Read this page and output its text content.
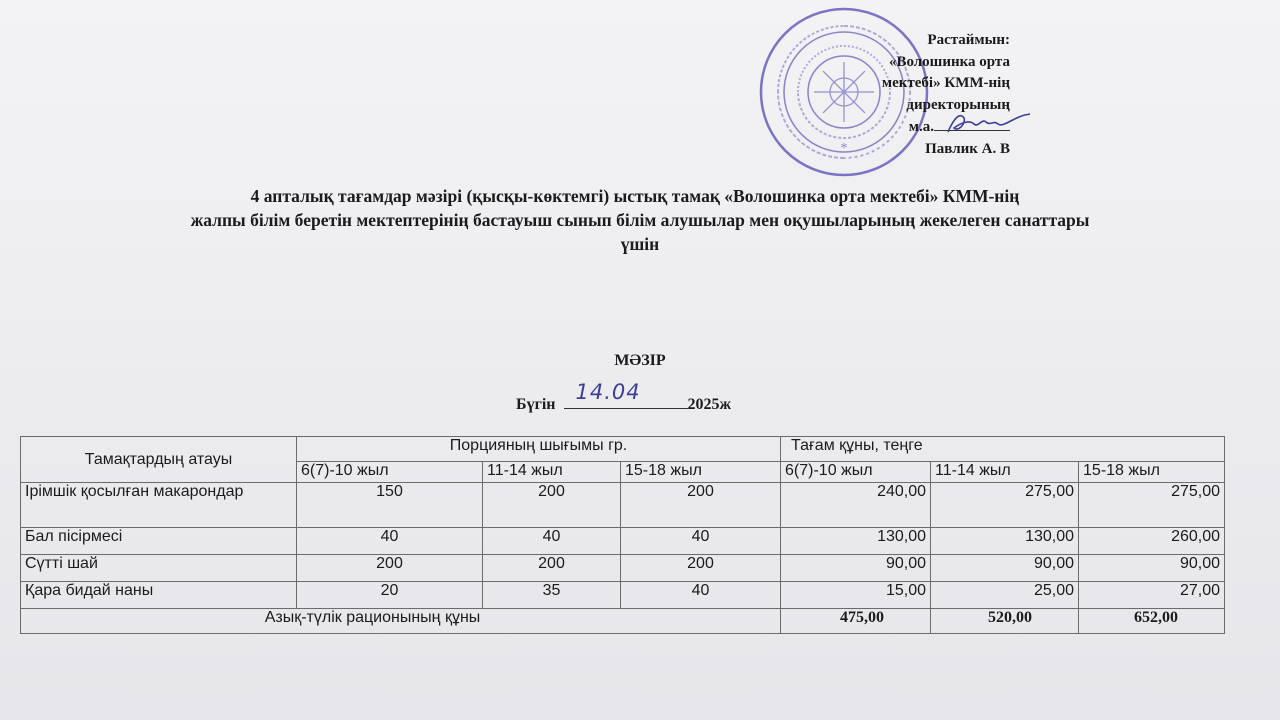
*
Растаймын:
«Волошинка орта
мектебі» КММ-нің
директорының
м.а.
Павлик А. В
4 апталық тағамдар мәзірі (қысқы-көктемгі) ыстық тамақ «Волошинка орта мектебі» КММ-нің
жалпы білім беретін мектептерінің бастауыш сынып білім алушылар мен оқушыларының жекелеген санаттары
үшін
МӘЗІР
Бүгін
14.04
2025ж
Тамақтардың атауы	Порцияның шығымы гр.			Тағам құны, теңге		
	6(7)-10 жыл	11-14 жыл	15-18 жыл	6(7)-10 жыл	11-14 жыл	15-18 жыл
Ірімшік қосылған макарондар	150	200	200	240,00	275,00	275,00
Бал пісірмесі	40	40	40	130,00	130,00	260,00
Сүтті шай	200	200	200	90,00	90,00	90,00
Қара бидай наны	20	35	40	15,00	25,00	27,00
Азық-түлік рационының құны				475,00	520,00	652,00
